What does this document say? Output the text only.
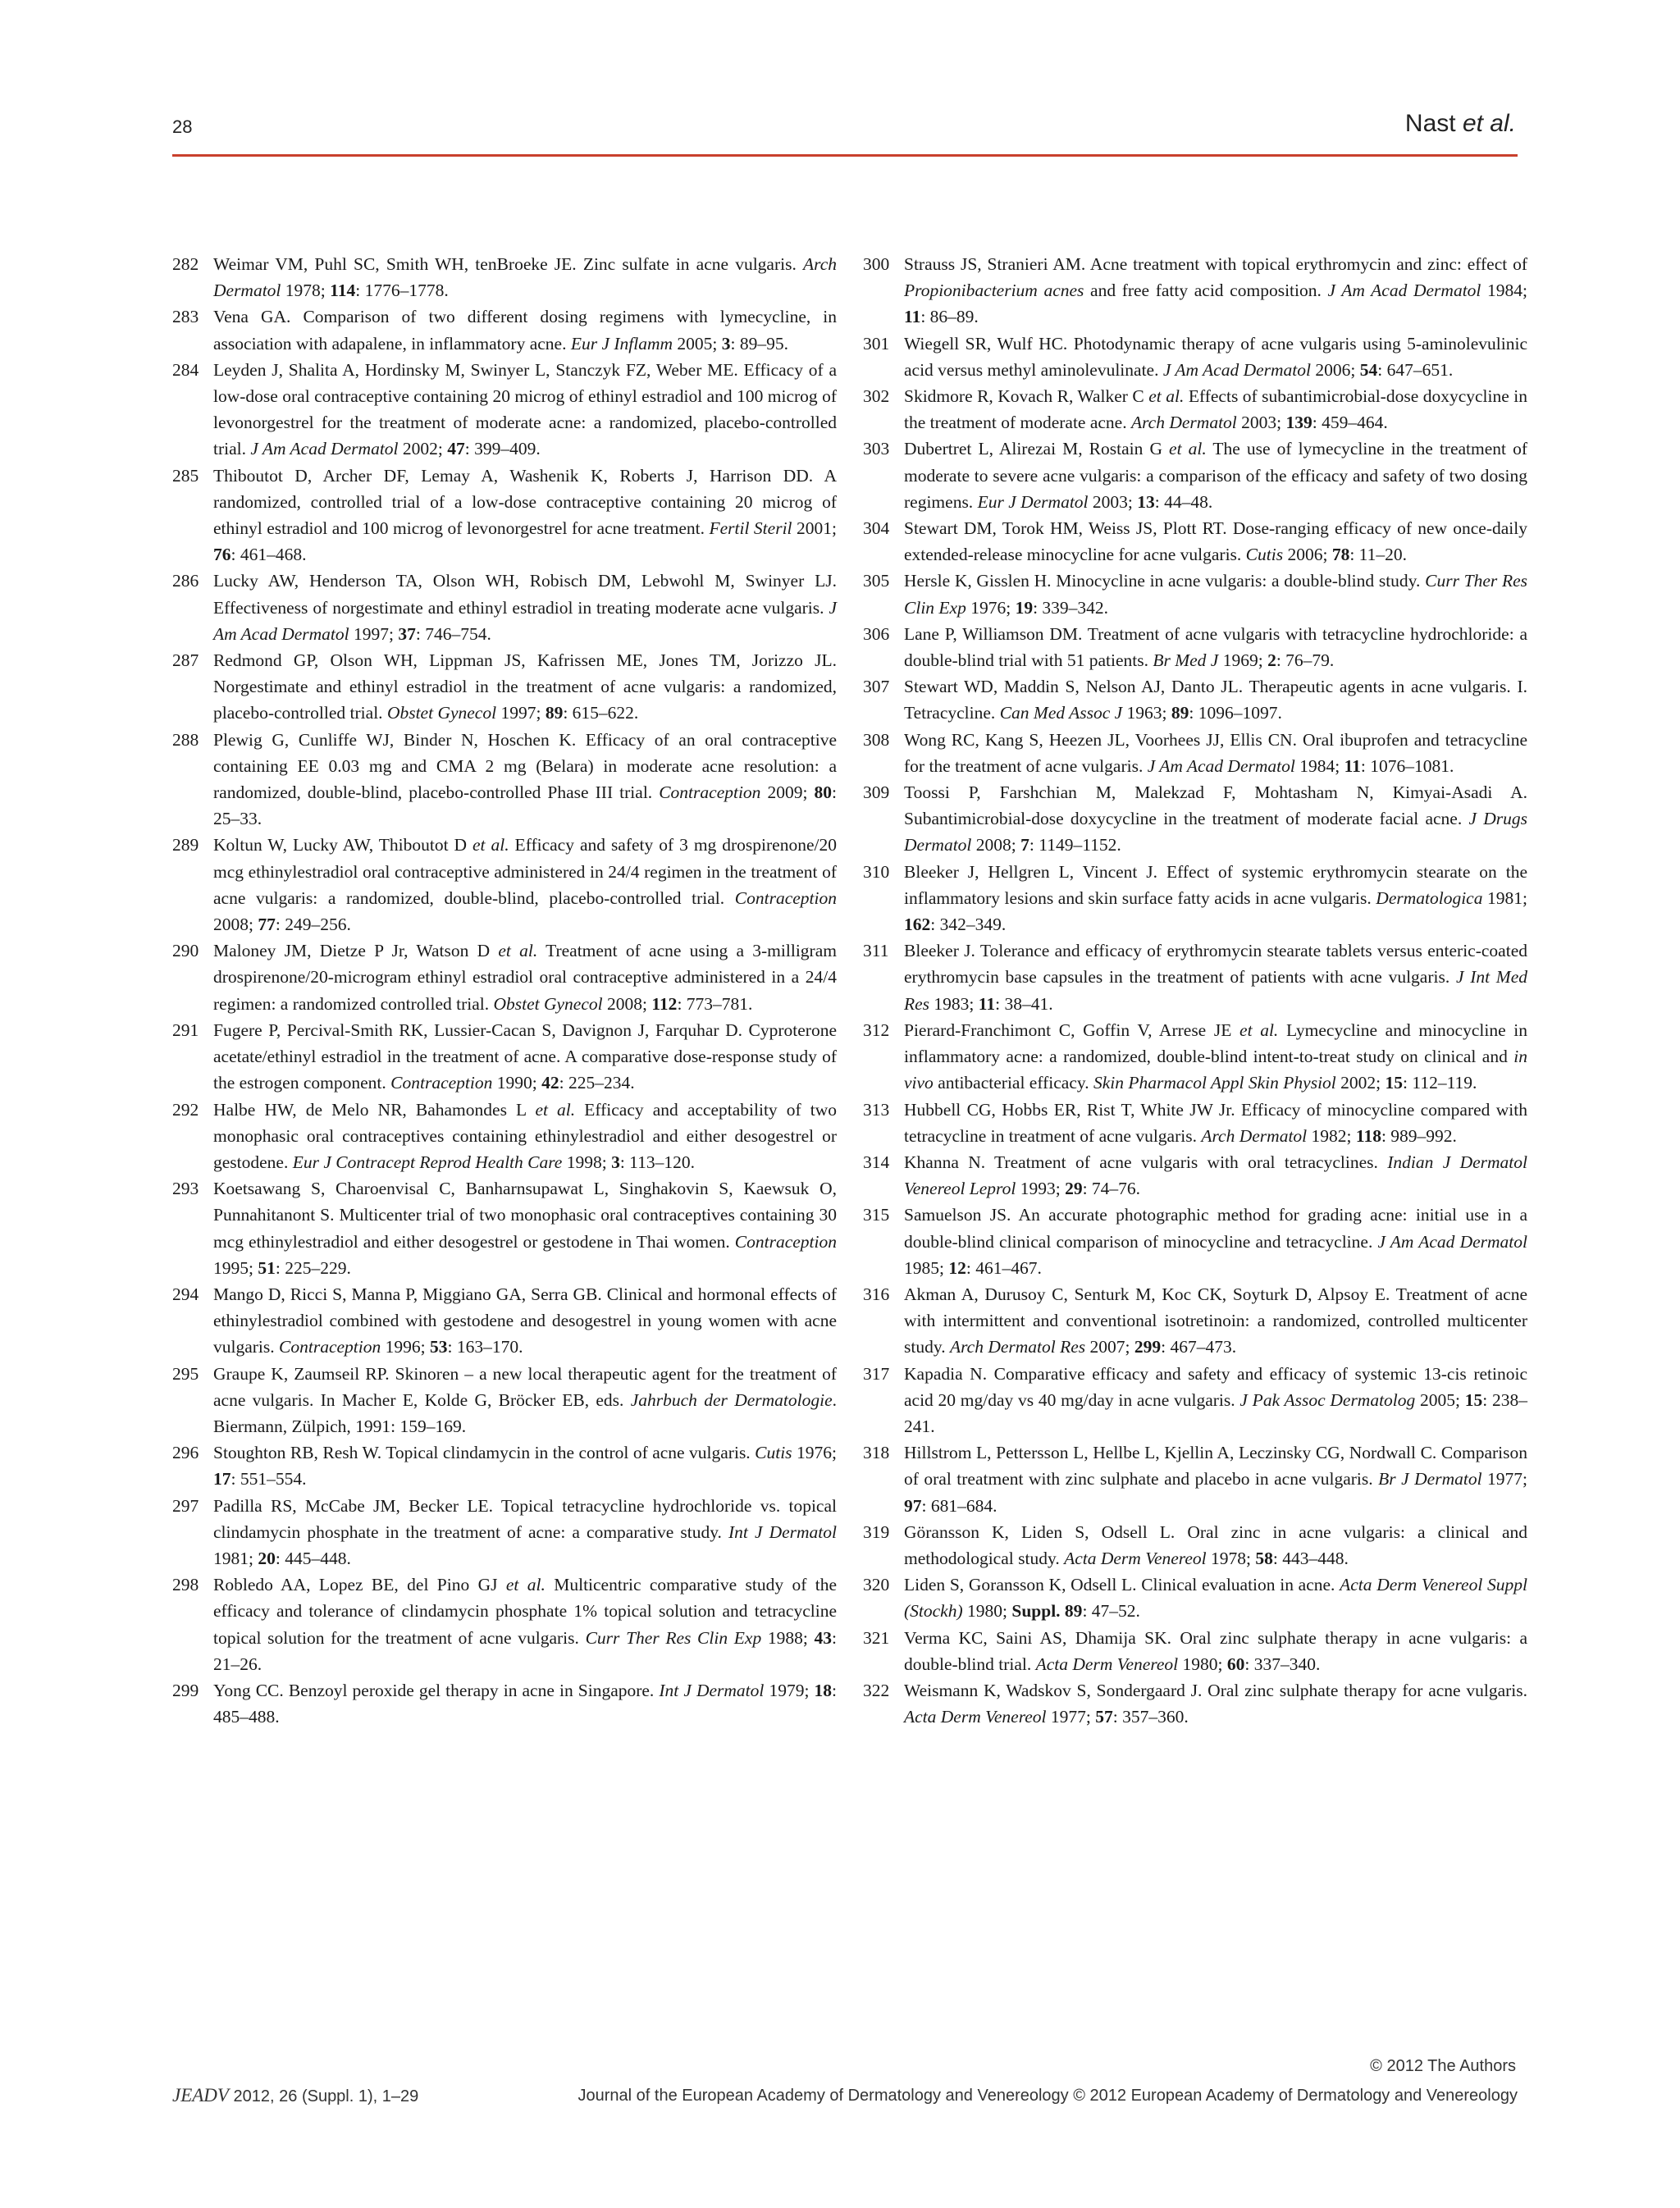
28	Nast et al.
282 Weimar VM, Puhl SC, Smith WH, tenBroeke JE. Zinc sulfate in acne vulgaris. Arch Dermatol 1978; 114: 1776–1778.
283 Vena GA. Comparison of two different dosing regimens with lymecycline, in association with adapalene, in inflammatory acne. Eur J Inflamm 2005; 3: 89–95.
284 Leyden J, Shalita A, Hordinsky M, Swinyer L, Stanczyk FZ, Weber ME. Efficacy of a low-dose oral contraceptive containing 20 microg of ethinyl estradiol and 100 microg of levonorgestrel for the treatment of moderate acne: a randomized, placebo-controlled trial. J Am Acad Dermatol 2002; 47: 399–409.
285 Thiboutot D, Archer DF, Lemay A, Washenik K, Roberts J, Harrison DD. A randomized, controlled trial of a low-dose contraceptive containing 20 microg of ethinyl estradiol and 100 microg of levonorgestrel for acne treatment. Fertil Steril 2001; 76: 461–468.
286 Lucky AW, Henderson TA, Olson WH, Robisch DM, Lebwohl M, Swinyer LJ. Effectiveness of norgestimate and ethinyl estradiol in treating moderate acne vulgaris. J Am Acad Dermatol 1997; 37: 746–754.
287 Redmond GP, Olson WH, Lippman JS, Kafrissen ME, Jones TM, Jorizzo JL. Norgestimate and ethinyl estradiol in the treatment of acne vulgaris: a randomized, placebo-controlled trial. Obstet Gynecol 1997; 89: 615–622.
288 Plewig G, Cunliffe WJ, Binder N, Hoschen K. Efficacy of an oral contraceptive containing EE 0.03 mg and CMA 2 mg (Belara) in moderate acne resolution: a randomized, double-blind, placebo-controlled Phase III trial. Contraception 2009; 80: 25–33.
289 Koltun W, Lucky AW, Thiboutot D et al. Efficacy and safety of 3 mg drospirenone/20 mcg ethinylestradiol oral contraceptive administered in 24/4 regimen in the treatment of acne vulgaris: a randomized, double-blind, placebo-controlled trial. Contraception 2008; 77: 249–256.
290 Maloney JM, Dietze P Jr, Watson D et al. Treatment of acne using a 3-milligram drospirenone/20-microgram ethinyl estradiol oral contraceptive administered in a 24/4 regimen: a randomized controlled trial. Obstet Gynecol 2008; 112: 773–781.
291 Fugere P, Percival-Smith RK, Lussier-Cacan S, Davignon J, Farquhar D. Cyproterone acetate/ethinyl estradiol in the treatment of acne. A comparative dose-response study of the estrogen component. Contraception 1990; 42: 225–234.
292 Halbe HW, de Melo NR, Bahamondes L et al. Efficacy and acceptability of two monophasic oral contraceptives containing ethinylestradiol and either desogestrel or gestodene. Eur J Contracept Reprod Health Care 1998; 3: 113–120.
293 Koetsawang S, Charoenvisal C, Banharnsupawat L, Singhakovin S, Kaewsuk O, Punnahitanont S. Multicenter trial of two monophasic oral contraceptives containing 30 mcg ethinylestradiol and either desogestrel or gestodene in Thai women. Contraception 1995; 51: 225–229.
294 Mango D, Ricci S, Manna P, Miggiano GA, Serra GB. Clinical and hormonal effects of ethinylestradiol combined with gestodene and desogestrel in young women with acne vulgaris. Contraception 1996; 53: 163–170.
295 Graupe K, Zaumseil RP. Skinoren – a new local therapeutic agent for the treatment of acne vulgaris. In Macher E, Kolde G, Bröcker EB, eds. Jahrbuch der Dermatologie. Biermann, Zülpich, 1991: 159–169.
296 Stoughton RB, Resh W. Topical clindamycin in the control of acne vulgaris. Cutis 1976; 17: 551–554.
297 Padilla RS, McCabe JM, Becker LE. Topical tetracycline hydrochloride vs. topical clindamycin phosphate in the treatment of acne: a comparative study. Int J Dermatol 1981; 20: 445–448.
298 Robledo AA, Lopez BE, del Pino GJ et al. Multicentric comparative study of the efficacy and tolerance of clindamycin phosphate 1% topical solution and tetracycline topical solution for the treatment of acne vulgaris. Curr Ther Res Clin Exp 1988; 43: 21–26.
299 Yong CC. Benzoyl peroxide gel therapy in acne in Singapore. Int J Dermatol 1979; 18: 485–488.
300 Strauss JS, Stranieri AM. Acne treatment with topical erythromycin and zinc: effect of Propionibacterium acnes and free fatty acid composition. J Am Acad Dermatol 1984; 11: 86–89.
301 Wiegell SR, Wulf HC. Photodynamic therapy of acne vulgaris using 5-aminolevulinic acid versus methyl aminolevulinate. J Am Acad Dermatol 2006; 54: 647–651.
302 Skidmore R, Kovach R, Walker C et al. Effects of subantimicrobial-dose doxycycline in the treatment of moderate acne. Arch Dermatol 2003; 139: 459–464.
303 Dubertret L, Alirezai M, Rostain G et al. The use of lymecycline in the treatment of moderate to severe acne vulgaris: a comparison of the efficacy and safety of two dosing regimens. Eur J Dermatol 2003; 13: 44–48.
304 Stewart DM, Torok HM, Weiss JS, Plott RT. Dose-ranging efficacy of new once-daily extended-release minocycline for acne vulgaris. Cutis 2006; 78: 11–20.
305 Hersle K, Gisslen H. Minocycline in acne vulgaris: a double-blind study. Curr Ther Res Clin Exp 1976; 19: 339–342.
306 Lane P, Williamson DM. Treatment of acne vulgaris with tetracycline hydrochloride: a double-blind trial with 51 patients. Br Med J 1969; 2: 76–79.
307 Stewart WD, Maddin S, Nelson AJ, Danto JL. Therapeutic agents in acne vulgaris. I. Tetracycline. Can Med Assoc J 1963; 89: 1096–1097.
308 Wong RC, Kang S, Heezen JL, Voorhees JJ, Ellis CN. Oral ibuprofen and tetracycline for the treatment of acne vulgaris. J Am Acad Dermatol 1984; 11: 1076–1081.
309 Toossi P, Farshchian M, Malekzad F, Mohtasham N, Kimyai-Asadi A. Subantimicrobial-dose doxycycline in the treatment of moderate facial acne. J Drugs Dermatol 2008; 7: 1149–1152.
310 Bleeker J, Hellgren L, Vincent J. Effect of systemic erythromycin stearate on the inflammatory lesions and skin surface fatty acids in acne vulgaris. Dermatologica 1981; 162: 342–349.
311 Bleeker J. Tolerance and efficacy of erythromycin stearate tablets versus enteric-coated erythromycin base capsules in the treatment of patients with acne vulgaris. J Int Med Res 1983; 11: 38–41.
312 Pierard-Franchimont C, Goffin V, Arrese JE et al. Lymecycline and minocycline in inflammatory acne: a randomized, double-blind intent-to-treat study on clinical and in vivo antibacterial efficacy. Skin Pharmacol Appl Skin Physiol 2002; 15: 112–119.
313 Hubbell CG, Hobbs ER, Rist T, White JW Jr. Efficacy of minocycline compared with tetracycline in treatment of acne vulgaris. Arch Dermatol 1982; 118: 989–992.
314 Khanna N. Treatment of acne vulgaris with oral tetracyclines. Indian J Dermatol Venereol Leprol 1993; 29: 74–76.
315 Samuelson JS. An accurate photographic method for grading acne: initial use in a double-blind clinical comparison of minocycline and tetracycline. J Am Acad Dermatol 1985; 12: 461–467.
316 Akman A, Durusoy C, Senturk M, Koc CK, Soyturk D, Alpsoy E. Treatment of acne with intermittent and conventional isotretinoin: a randomized, controlled multicenter study. Arch Dermatol Res 2007; 299: 467–473.
317 Kapadia N. Comparative efficacy and safety and efficacy of systemic 13-cis retinoic acid 20 mg/day vs 40 mg/day in acne vulgaris. J Pak Assoc Dermatolog 2005; 15: 238–241.
318 Hillstrom L, Pettersson L, Hellbe L, Kjellin A, Leczinsky CG, Nordwall C. Comparison of oral treatment with zinc sulphate and placebo in acne vulgaris. Br J Dermatol 1977; 97: 681–684.
319 Göransson K, Liden S, Odsell L. Oral zinc in acne vulgaris: a clinical and methodological study. Acta Derm Venereol 1978; 58: 443–448.
320 Liden S, Goransson K, Odsell L. Clinical evaluation in acne. Acta Derm Venereol Suppl (Stockh) 1980; Suppl. 89: 47–52.
321 Verma KC, Saini AS, Dhamija SK. Oral zinc sulphate therapy in acne vulgaris: a double-blind trial. Acta Derm Venereol 1980; 60: 337–340.
322 Weismann K, Wadskov S, Sondergaard J. Oral zinc sulphate therapy for acne vulgaris. Acta Derm Venereol 1977; 57: 357–360.
© 2012 The Authors
JEADV 2012, 26 (Suppl. 1), 1–29	Journal of the European Academy of Dermatology and Venereology © 2012 European Academy of Dermatology and Venereology
